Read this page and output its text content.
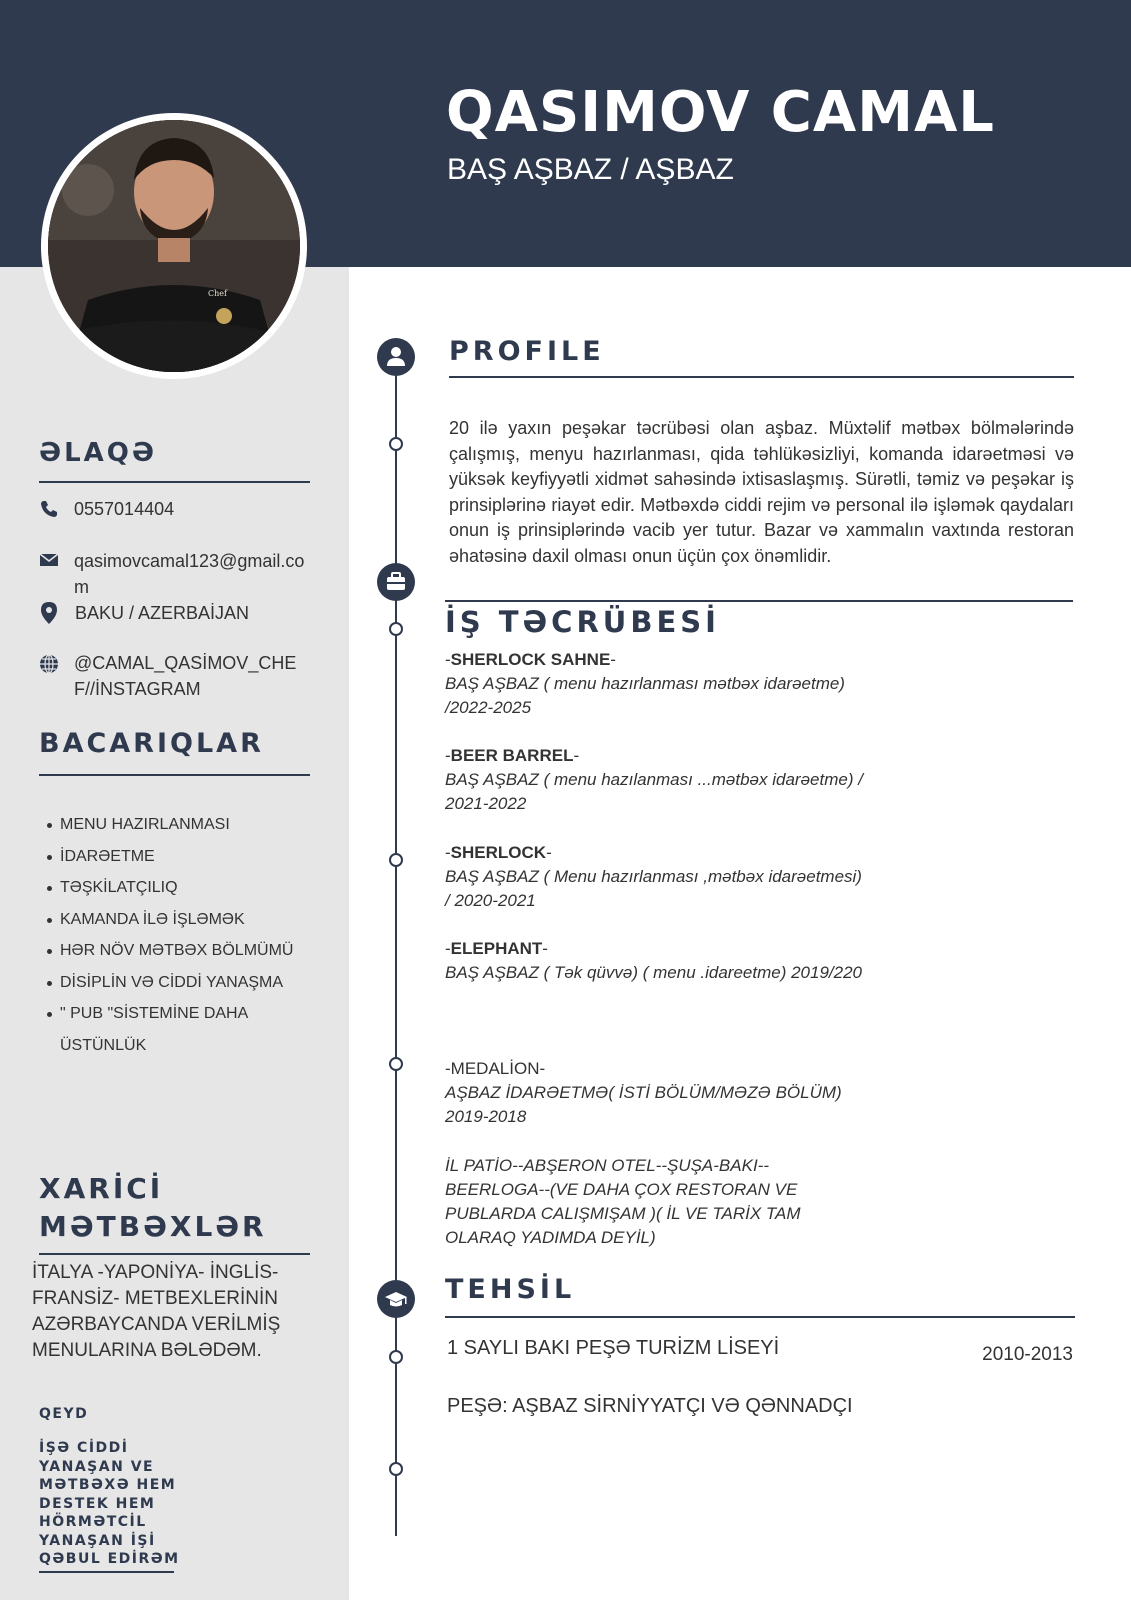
QASIMOV CAMAL
BAŞ AŞBAZ / AŞBAZ
Chef
ƏLAQƏ
0557014404
qasimovcamal123@gmail.co
m
BAKU / AZERBAİJAN
@CAMAL_QASİMOV_CHE
F//İNSTAGRAM
BACARIQLAR
MENU HAZIRLANMASI
İDARƏETME
TƏŞKİLATÇILIQ
KAMANDA İLƏ İŞLƏMƏK
HƏR NÖV MƏTBƏX BÖLMÜMÜ
DİSİPLİN VƏ CİDDİ YANAŞMA
" PUB "SİSTEMİNE DAHA ÜSTÜNLÜK
XARİCİ
MƏTBƏXLƏR
İTALYA -YAPONİYA- İNGLİS- FRANSİZ- METBEXLERİNİN AZƏRBAYCANDA VERİLMİŞ MENULARINA BƏLƏDƏM.
QEYD
İŞƏ CİDDİ YANAŞAN VE MƏTBƏXƏ HEM DESTEK HEM HÖRMƏTCİL YANAŞAN İŞİ QƏBUL EDİRƏM
PROFILE
20 ilə yaxın peşəkar təcrübəsi olan aşbaz. Müxtəlif mətbəx bölmələrində çalışmış, menyu hazırlanması, qida təhlükəsizliyi, komanda idarəetməsi və yüksək keyfiyyətli xidmət sahəsində ixtisaslaşmış. Sürətli, təmiz və peşəkar iş prinsiplərinə riayət edir. Mətbəxdə ciddi rejim və personal ilə işləmək qaydaları onun iş prinsiplərində vacib yer tutur. Bazar və xammalın vaxtında restoran əhatəsinə daxil olması onun üçün çox önəmlidir.
İŞ TƏCRÜBESİ
-SHERLOCK SAHNE-
BAŞ AŞBAZ ( menu hazırlanması mətbəx idarəetme) /2022-2025
-BEER BARREL-
BAŞ AŞBAZ ( menu hazılanması ...mətbəx idarəetme) / 2021-2022
-SHERLOCK-
BAŞ AŞBAZ ( Menu hazırlanması ,mətbəx idarəetmesi) / 2020-2021
-ELEPHANT-
BAŞ AŞBAZ ( Tək qüvvə) ( menu .idareetme) 2019/220
-MEDALİON-
AŞBAZ İDARƏETMƏ( İSTİ BÖLÜM/MƏZƏ BÖLÜM) 2019-2018
İL PATİO--ABŞERON OTEL--ŞUŞA-BAKI--BEERLOGA--(VE DAHA ÇOX RESTORAN VE PUBLARDA CALIŞMIŞAM )( İL VE TARİX TAM OLARAQ YADIMDA DEYİL)
TEHSİL
1 SAYLI BAKI PEŞƏ TURİZM LİSEYİ	2010-2013
PEŞƏ: AŞBAZ SİRNİYYATÇI VƏ QƏNNADÇI
